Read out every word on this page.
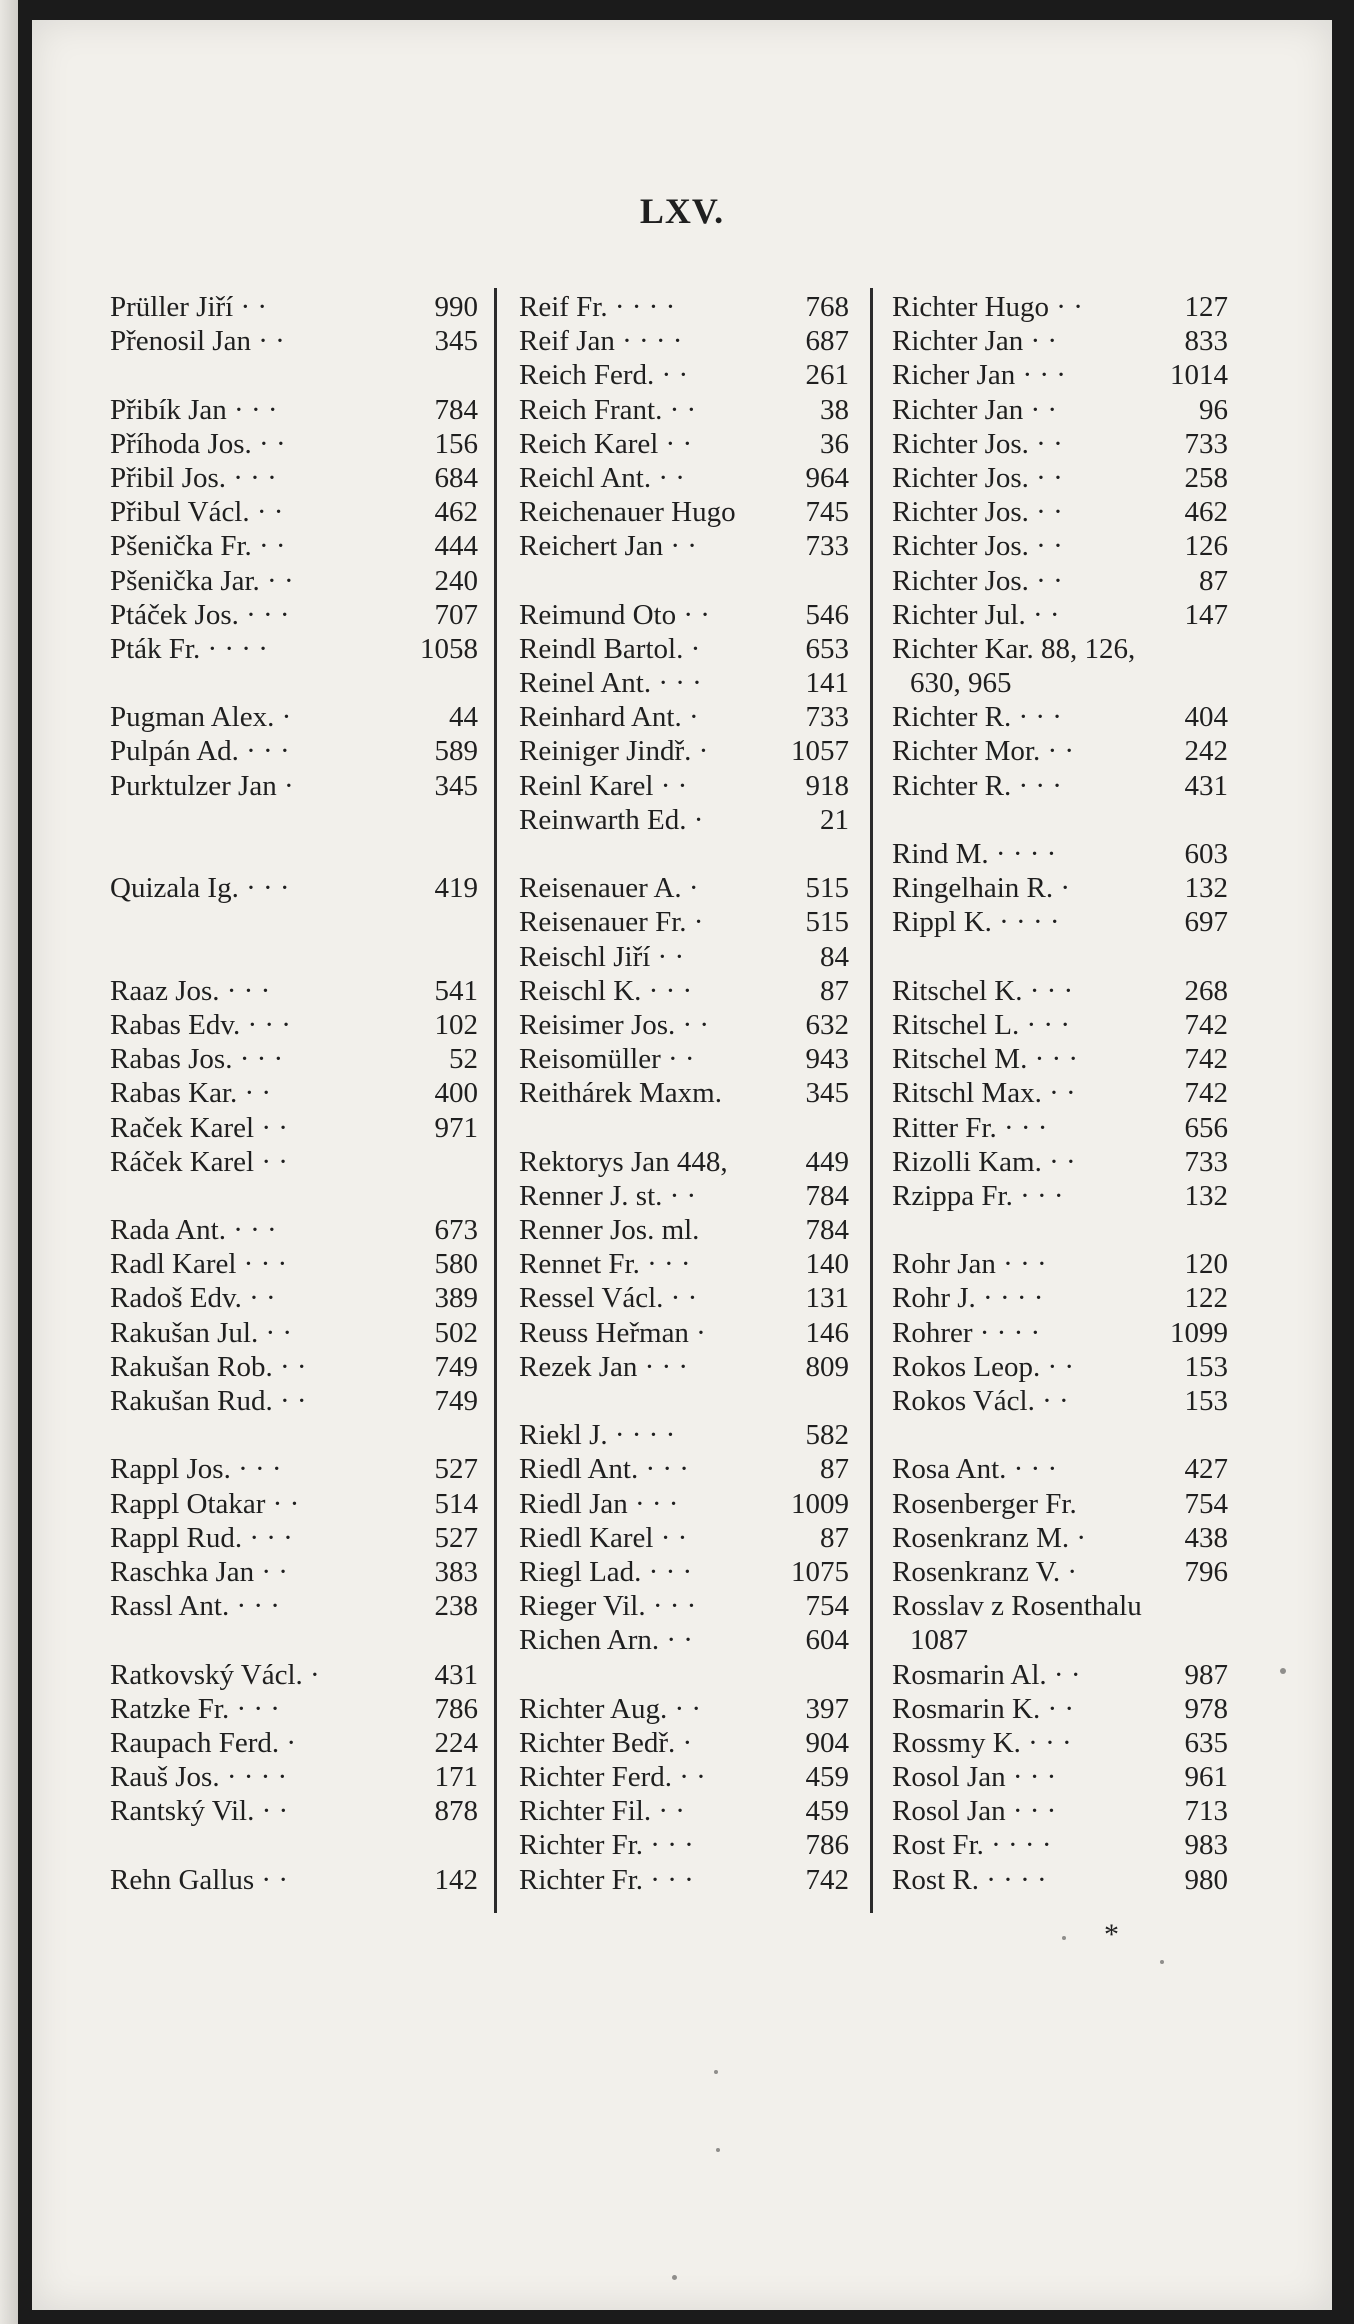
LXV.
Prüller Jiří · ·	990
Přenosil Jan · ·	345
Přibík Jan · · ·	784
Příhoda Jos. · ·	156
Přibil Jos. · · ·	684
Přibul Václ. · ·	462
Pšenička Fr. · ·	444
Pšenička Jar. · ·	240
Ptáček Jos. · · ·	707
Pták Fr. · · · ·	1058
Pugman Alex. ·	44
Pulpán Ad. · · ·	589
Purktulzer Jan ·	345
Quizala Ig. · · ·	419
Raaz Jos. · · ·	541
Rabas Edv. · · ·	102
Rabas Jos. · · ·	52
Rabas Kar. · ·	400
Raček Karel · ·	971
Ráček Karel · ·
Rada Ant. · · ·	673
Radl Karel · · ·	580
Radoš Edv. · ·	389
Rakušan Jul. · ·	502
Rakušan Rob. · ·	749
Rakušan Rud. · ·	749
Rappl Jos. · · ·	527
Rappl Otakar · ·	514
Rappl Rud. · · ·	527
Raschka Jan · ·	383
Rassl Ant. · · ·	238
Ratkovský Václ. ·	431
Ratzke Fr. · · ·	786
Raupach Ferd. ·	224
Rauš Jos. · · · ·	171
Rantský Vil. · ·	878
Rehn Gallus · ·	142
Reif Fr. · · · ·	768
Reif Jan · · · ·	687
Reich Ferd. · ·	261
Reich Frant. · ·	38
Reich Karel · ·	36
Reichl Ant. · ·	964
Reichenauer Hugo 745
Reichert Jan · ·	733
Reimund Oto · ·	546
Reindl Bartol. ·	653
Reinel Ant. · · ·	141
Reinhard Ant. ·	733
Reiniger Jindř. ·	1057
Reinl Karel · ·	918
Reinwarth Ed. ·	21
Reisenauer A. ·	515
Reisenauer Fr. ·	515
Reischl Jiří · ·	84
Reischl K. · · ·	87
Reisimer Jos. · ·	632
Reisomüller · ·	943
Reithárek Maxm.	345
Rektorys Jan 448,	449
Renner J. st. · ·	784
Renner Jos. ml.	784
Rennet Fr. · · ·	140
Ressel Václ. · ·	131
Reuss Heřman ·	146
Rezek Jan · · ·	809
Riekl J. · · · ·	582
Riedl Ant. · · ·	87
Riedl Jan · · ·	1009
Riedl Karel · ·	87
Riegl Lad. · · ·	1075
Rieger Vil. · · ·	754
Richen Arn. · ·	604
Richter Aug. · ·	397
Richter Bedř. ·	904
Richter Ferd. · ·	459
Richter Fil. · ·	459
Richter Fr. · · ·	786
Richter Fr. · · ·	742
Richter Hugo · ·	127
Richter Jan · ·	833
Richer Jan · · ·	1014
Richter Jan · ·	96
Richter Jos. · ·	733
Richter Jos. · ·	258
Richter Jos. · ·	462
Richter Jos. · ·	126
Richter Jos. · ·	87
Richter Jul. · ·	147
Richter Kar. 88, 126,
630, 965
Richter R. · · ·	404
Richter Mor. · ·	242
Richter R. · · ·	431
Rind M. · · · ·	603
Ringelhain R. ·	132
Rippl K. · · · ·	697
Ritschel K. · · ·	268
Ritschel L. · · ·	742
Ritschel M. · · ·	742
Ritschl Max. · ·	742
Ritter Fr. · · ·	656
Rizolli Kam. · ·	733
Rzippa Fr. · · ·	132
Rohr Jan · · ·	120
Rohr J. · · · ·	122
Rohrer · · · ·	1099
Rokos Leop. · ·	153
Rokos Václ. · ·	153
Rosa Ant. · · ·	427
Rosenberger Fr.	754
Rosenkranz M. ·	438
Rosenkranz V. ·	796
Rosslav z Rosenthalu
1087
Rosmarin Al. · ·	987
Rosmarin K. · ·	978
Rossmy K. · · ·	635
Rosol Jan · · ·	961
Rosol Jan · · ·	713
Rost Fr. · · · ·	983
Rost R. · · · ·	980
*
